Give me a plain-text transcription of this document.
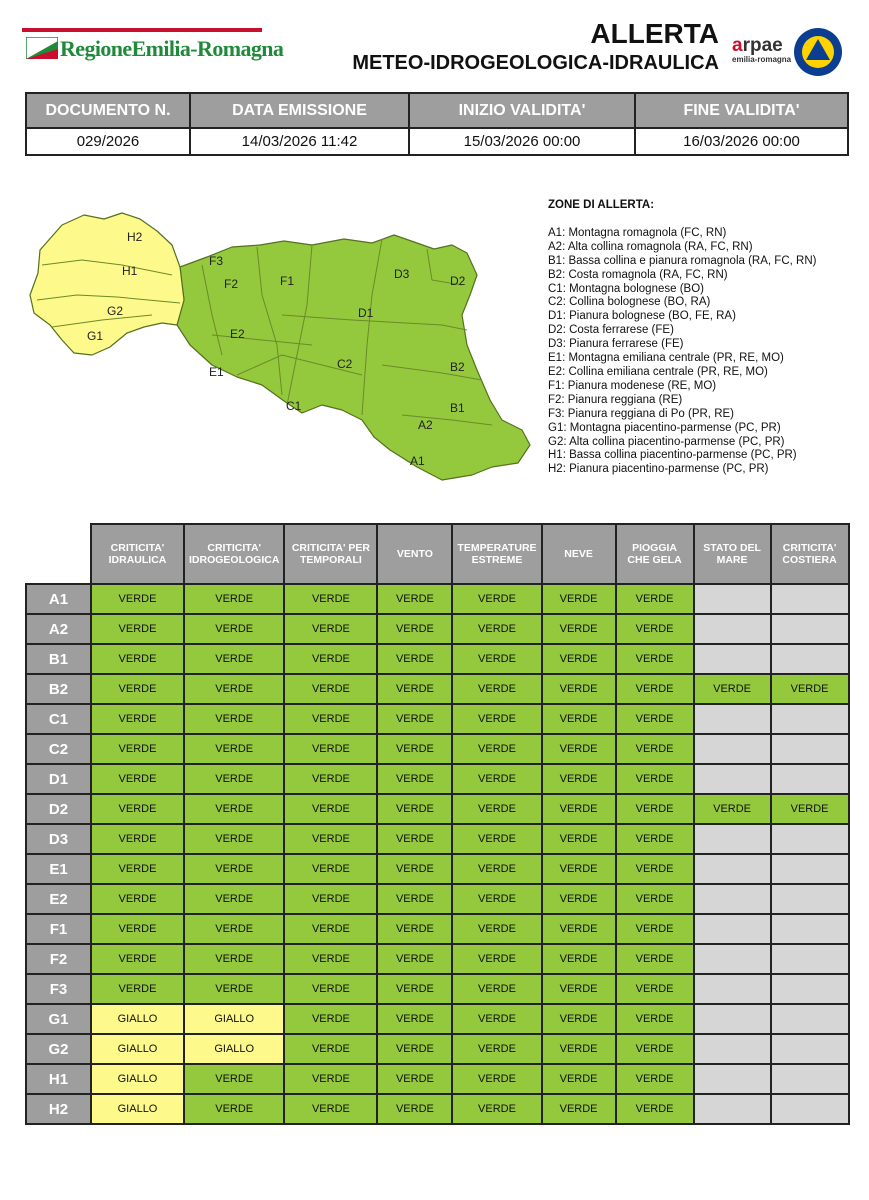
RegioneEmilia-Romagna	ALLERTA
METEO-IDROGEOLOGICA-IDRAULICA
arpae
emilia-romagna
DOCUMENTO N.	DATA EMISSIONE	INIZIO VALIDITA'	FINE VALIDITA'
029/2026	14/03/2026 11:42	15/03/2026 00:00	16/03/2026 00:00
H2
H1
G2
G1
F3
F2	F1	D3	D2
D1
E2
E1
C2
C1
B2
B1
A2
A1
ZONE DI ALLERTA:
A1: Montagna romagnola (FC, RN)
A2: Alta collina romagnola (RA, FC, RN)
B1: Bassa collina e pianura romagnola (RA, FC, RN)
B2: Costa romagnola (RA, FC, RN)
C1: Montagna bolognese (BO)
C2: Collina bolognese (BO, RA)
D1: Pianura bolognese (BO, FE, RA)
D2: Costa ferrarese (FE)
D3: Pianura ferrarese (FE)
E1: Montagna emiliana centrale (PR, RE, MO)
E2: Collina emiliana centrale (PR, RE, MO)
F1: Pianura modenese (RE, MO)
F2: Pianura reggiana (RE)
F3: Pianura reggiana di Po (PR, RE)
G1: Montagna piacentino-parmense (PC, PR)
G2: Alta collina piacentino-parmense (PC, PR)
H1: Bassa collina piacentino-parmense (PC, PR)
H2: Pianura piacentino-parmense (PC, PR)
	CRITICITA' IDRAULICA	CRITICITA' IDROGEOLOGICA	CRITICITA' PER TEMPORALI	VENTO	TEMPERATURE ESTREME	NEVE	PIOGGIA CHE GELA	STATO DEL MARE	CRITICITA' COSTIERA
A1	VERDE	VERDE	VERDE	VERDE	VERDE	VERDE	VERDE		
A2	VERDE	VERDE	VERDE	VERDE	VERDE	VERDE	VERDE		
B1	VERDE	VERDE	VERDE	VERDE	VERDE	VERDE	VERDE		
B2	VERDE	VERDE	VERDE	VERDE	VERDE	VERDE	VERDE	VERDE	VERDE
C1	VERDE	VERDE	VERDE	VERDE	VERDE	VERDE	VERDE		
C2	VERDE	VERDE	VERDE	VERDE	VERDE	VERDE	VERDE		
D1	VERDE	VERDE	VERDE	VERDE	VERDE	VERDE	VERDE		
D2	VERDE	VERDE	VERDE	VERDE	VERDE	VERDE	VERDE	VERDE	VERDE
D3	VERDE	VERDE	VERDE	VERDE	VERDE	VERDE	VERDE		
E1	VERDE	VERDE	VERDE	VERDE	VERDE	VERDE	VERDE		
E2	VERDE	VERDE	VERDE	VERDE	VERDE	VERDE	VERDE		
F1	VERDE	VERDE	VERDE	VERDE	VERDE	VERDE	VERDE		
F2	VERDE	VERDE	VERDE	VERDE	VERDE	VERDE	VERDE		
F3	VERDE	VERDE	VERDE	VERDE	VERDE	VERDE	VERDE		
G1	GIALLO	GIALLO	VERDE	VERDE	VERDE	VERDE	VERDE		
G2	GIALLO	GIALLO	VERDE	VERDE	VERDE	VERDE	VERDE		
H1	GIALLO	VERDE	VERDE	VERDE	VERDE	VERDE	VERDE		
H2	GIALLO	VERDE	VERDE	VERDE	VERDE	VERDE	VERDE		
